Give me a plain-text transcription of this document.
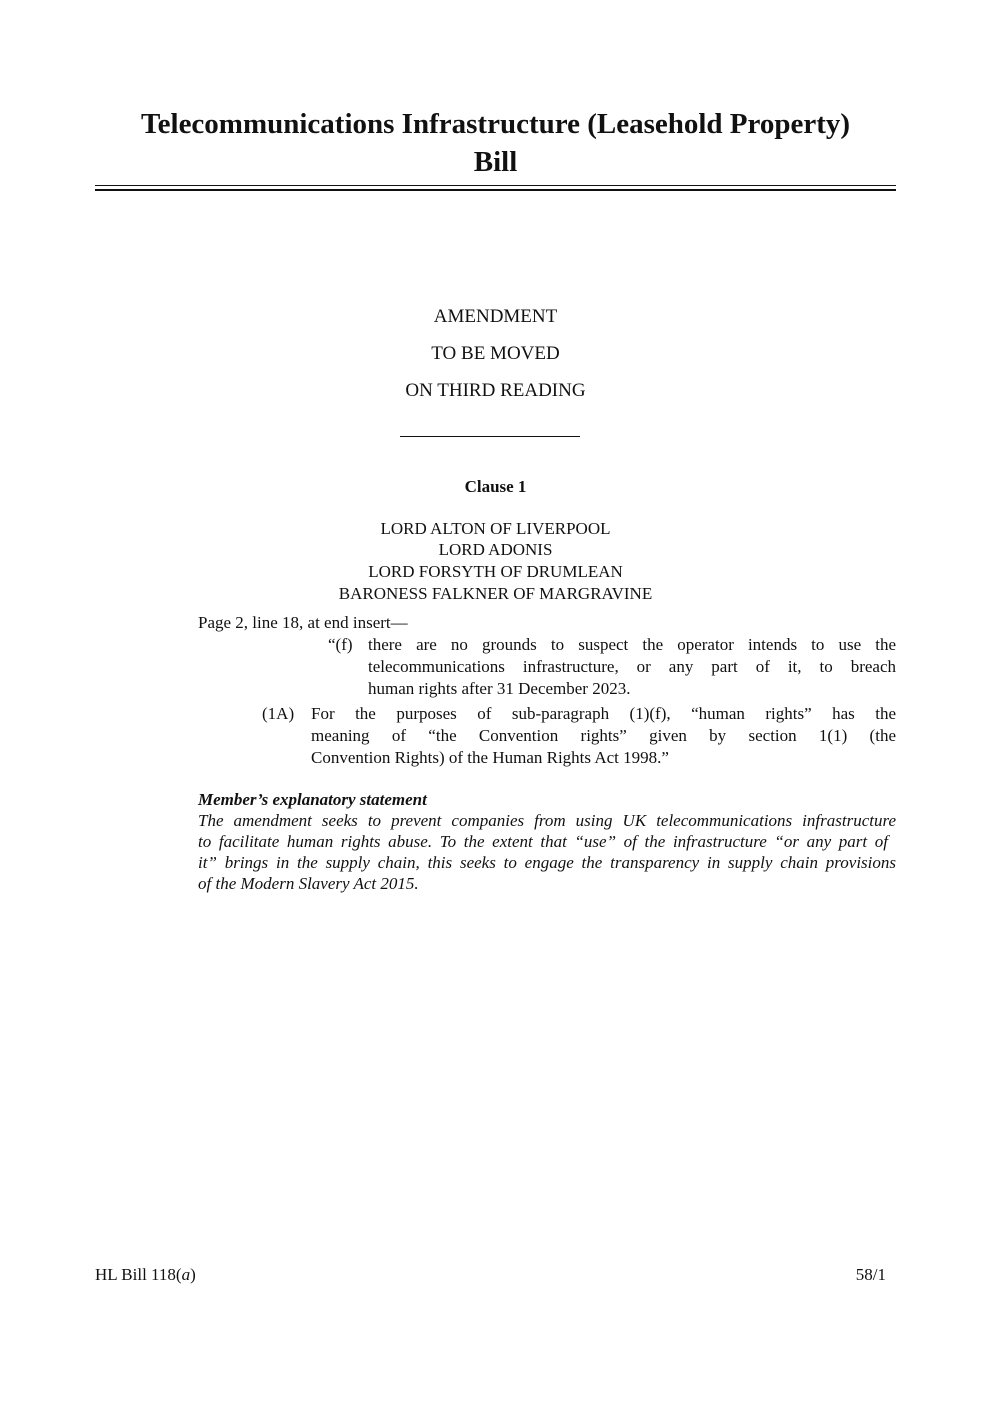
Telecommunications Infrastructure (Leasehold Property)
Bill
AMENDMENT
TO BE MOVED
ON THIRD READING
Clause 1
LORD ALTON OF LIVERPOOL
LORD ADONIS
LORD FORSYTH OF DRUMLEAN
BARONESS FALKNER OF MARGRAVINE
Page 2, line 18, at end insert—
“(f) there are no grounds to suspect the operator intends to use the
telecommunications infrastructure, or any part of it, to breach
human rights after 31 December 2023.
(1A) For the purposes of sub-paragraph (1)(f), “human rights” has the
meaning of “the Convention rights” given by section 1(1) (the
Convention Rights) of the Human Rights Act 1998.”
Member’s explanatory statement
The amendment seeks to prevent companies from using UK telecommunications infrastructure
to facilitate human rights abuse. To the extent that “use” of the infrastructure “or any part of
it” brings in the supply chain, this seeks to engage the transparency in supply chain provisions
of the Modern Slavery Act 2015.
HL Bill 118(a)	58/1
